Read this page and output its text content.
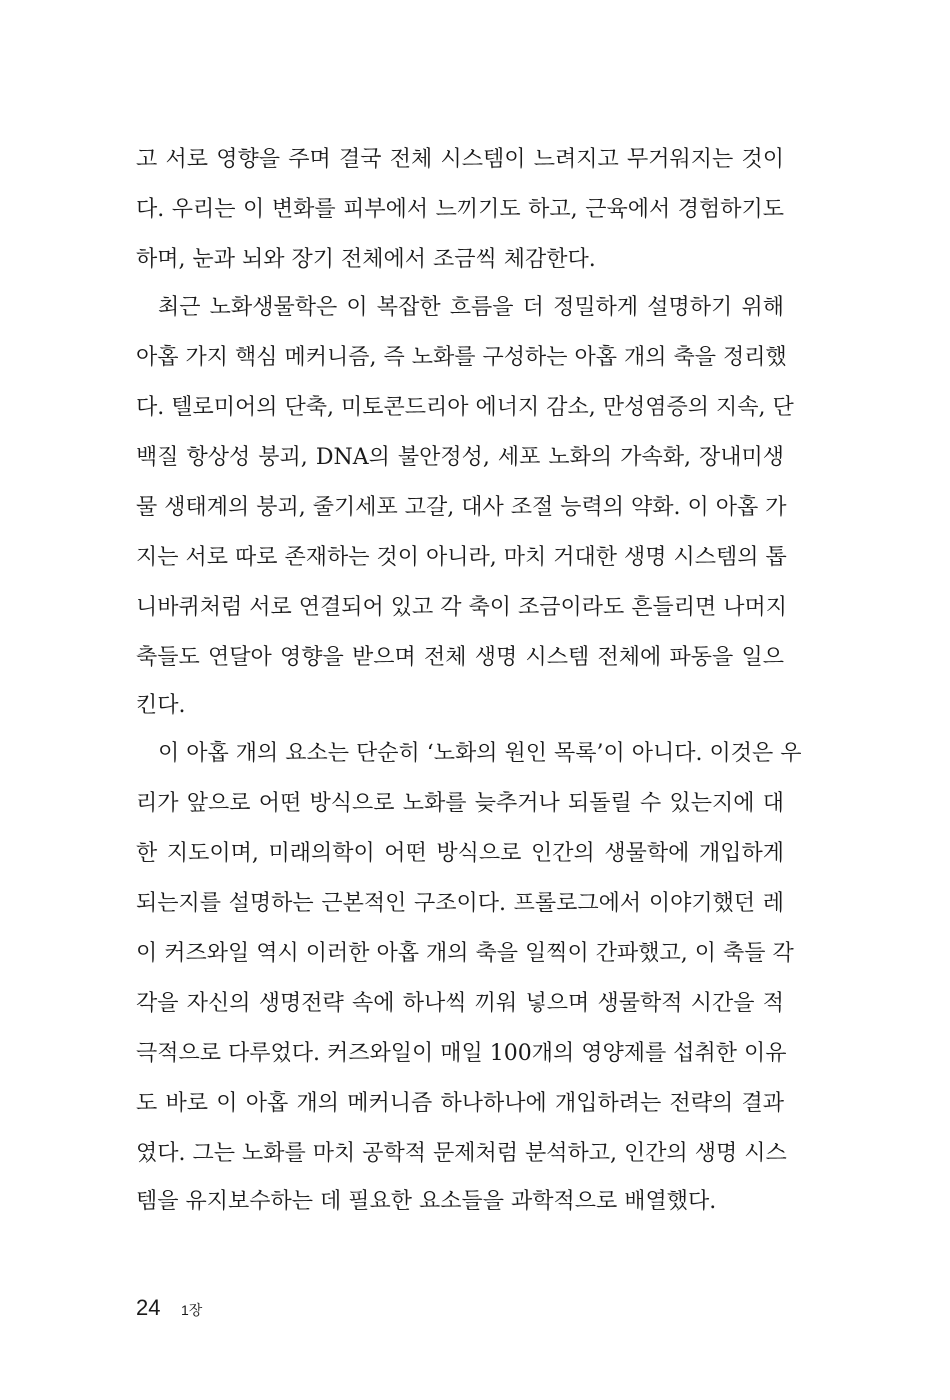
고 서로 영향을 주며 결국 전체 시스템이 느려지고 무거워지는 것이
다. 우리는 이 변화를 피부에서 느끼기도 하고, 근육에서 경험하기도
하며, 눈과 뇌와 장기 전체에서 조금씩 체감한다.
최근 노화생물학은 이 복잡한 흐름을 더 정밀하게 설명하기 위해
아홉 가지 핵심 메커니즘, 즉 노화를 구성하는 아홉 개의 축을 정리했
다. 텔로미어의 단축, 미토콘드리아 에너지 감소, 만성염증의 지속, 단
백질 항상성 붕괴, DNA의 불안정성, 세포 노화의 가속화, 장내미생
물 생태계의 붕괴, 줄기세포 고갈, 대사 조절 능력의 약화. 이 아홉 가
지는 서로 따로 존재하는 것이 아니라, 마치 거대한 생명 시스템의 톱
니바퀴처럼 서로 연결되어 있고 각 축이 조금이라도 흔들리면 나머지
축들도 연달아 영향을 받으며 전체 생명 시스템 전체에 파동을 일으
킨다.
이 아홉 개의 요소는 단순히 ‘노화의 원인 목록’이 아니다. 이것은 우
리가 앞으로 어떤 방식으로 노화를 늦추거나 되돌릴 수 있는지에 대
한 지도이며, 미래의학이 어떤 방식으로 인간의 생물학에 개입하게
되는지를 설명하는 근본적인 구조이다. 프롤로그에서 이야기했던 레
이 커즈와일 역시 이러한 아홉 개의 축을 일찍이 간파했고, 이 축들 각
각을 자신의 생명전략 속에 하나씩 끼워 넣으며 생물학적 시간을 적
극적으로 다루었다. 커즈와일이 매일 100개의 영양제를 섭취한 이유
도 바로 이 아홉 개의 메커니즘 하나하나에 개입하려는 전략의 결과
였다. 그는 노화를 마치 공학적 문제처럼 분석하고, 인간의 생명 시스
템을 유지보수하는 데 필요한 요소들을 과학적으로 배열했다.
24 1장
